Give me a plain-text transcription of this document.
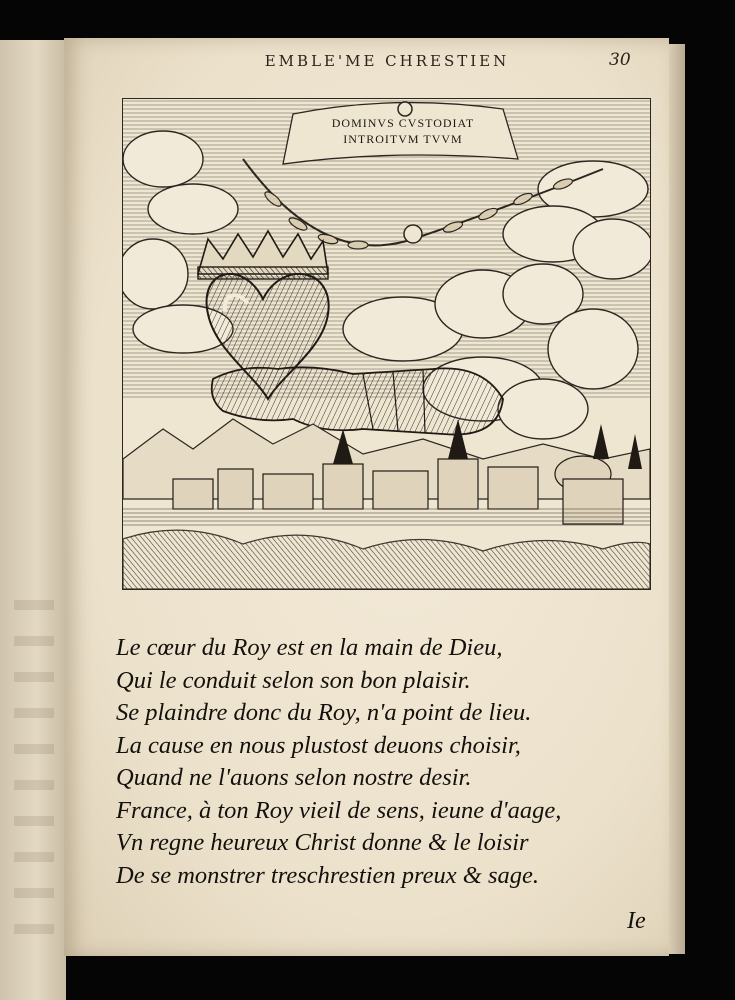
EMBLE'ME CHRESTIEN	30
DOMINVS CVSTODIAT
INTROITVM TVVM
Le cœur du Roy est en la main de Dieu,
Qui le conduit selon son bon plaisir.
Se plaindre donc du Roy, n'a point de lieu.
La cause en nous plustost deuons choisir,
Quand ne l'auons selon nostre desir.
France, à ton Roy vieil de sens, ieune d'aage,
Vn regne heureux Christ donne & le loisir
De se monstrer treschrestien preux & sage.
Ie
